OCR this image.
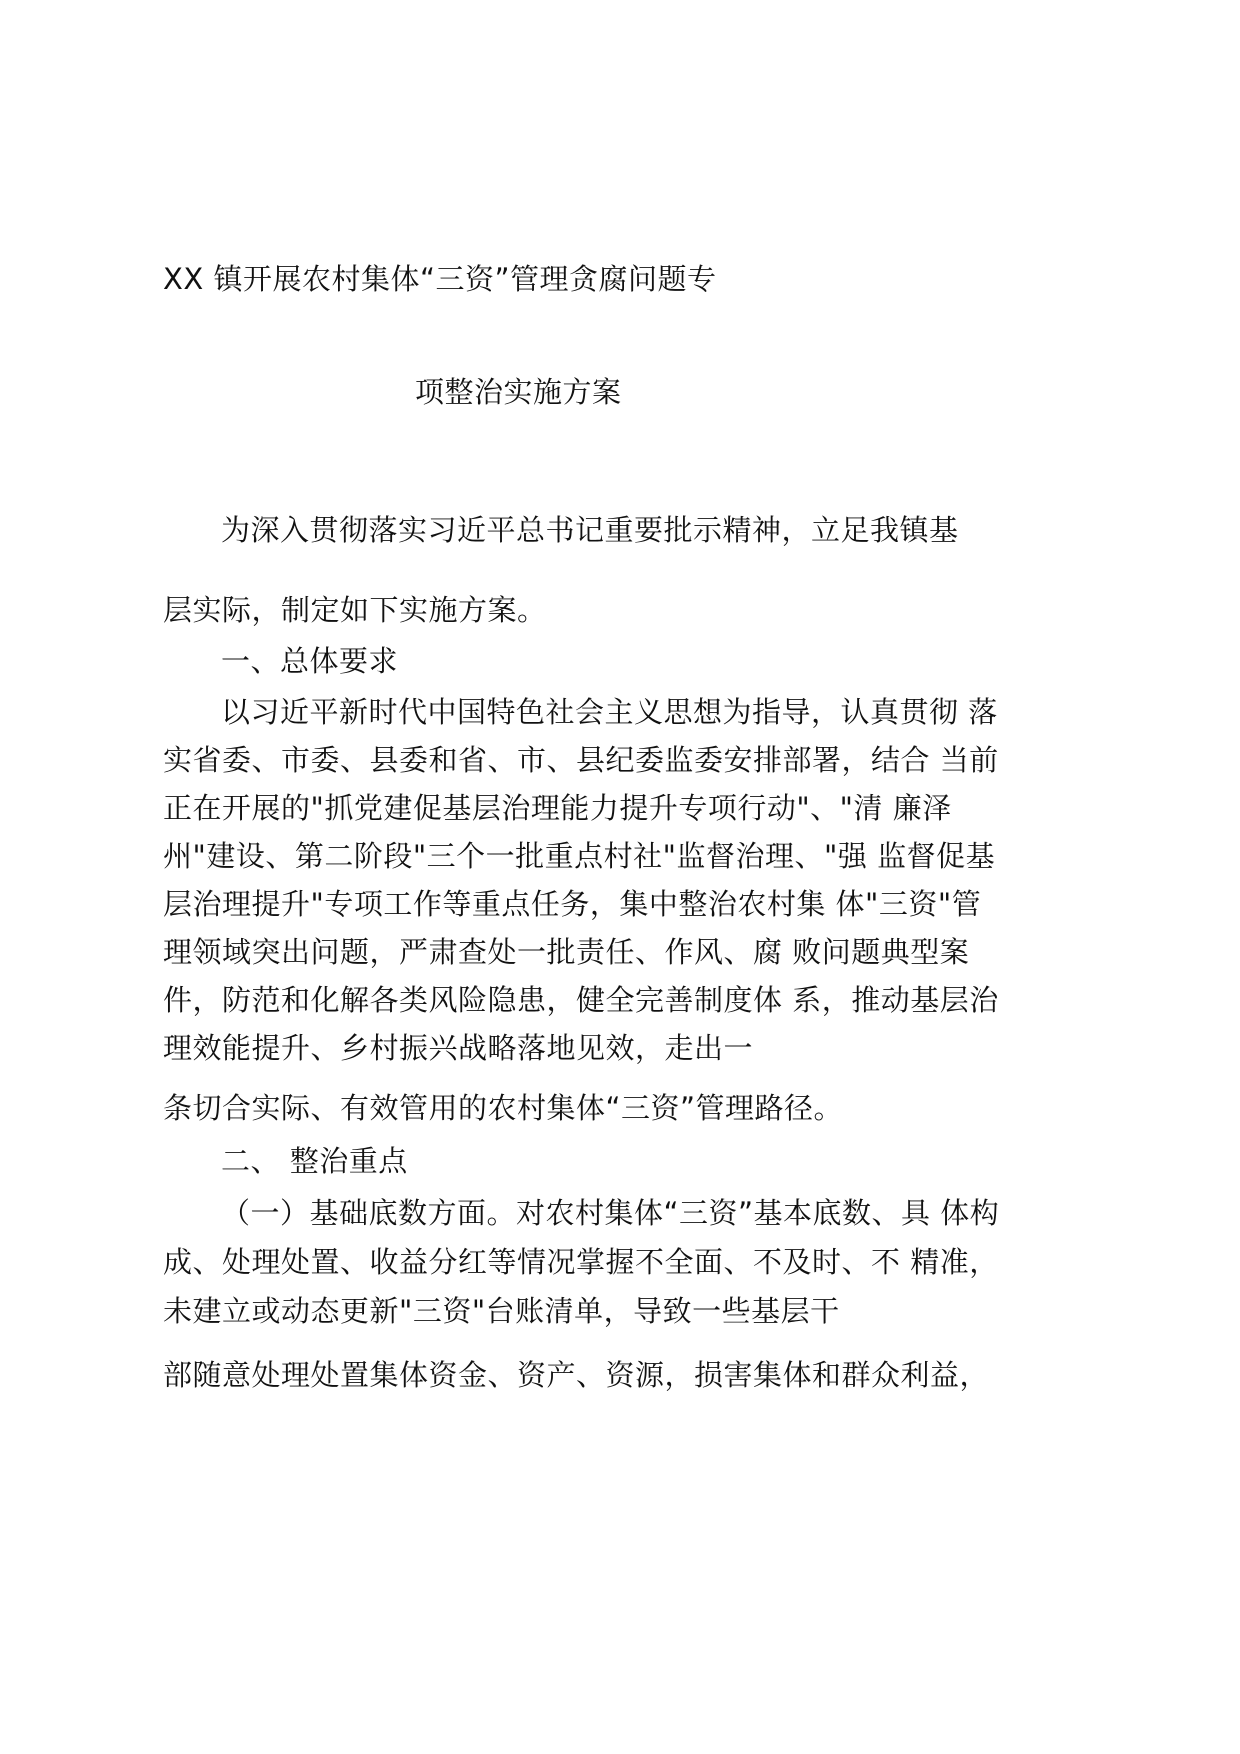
XX 镇开展农村集体“三资”管理贪腐问题专
项整治实施方案
为深入贯彻落实习近平总书记重要批示精神，立足我镇基
层实际，制定如下实施方案。
一、总体要求
以习近平新时代中国特色社会主义思想为指导，认真贯彻 落
实省委、市委、县委和省、市、县纪委监委安排部署，结合 当前
正在开展的"抓党建促基层治理能力提升专项行动"、"清 廉泽
州"建设、第二阶段"三个一批重点村社"监督治理、"强 监督促基
层治理提升"专项工作等重点任务，集中整治农村集 体"三资"管
理领域突出问题，严肃查处一批责任、作风、腐 败问题典型案
件，防范和化解各类风险隐患，健全完善制度体 系，推动基层治
理效能提升、乡村振兴战略落地见效，走出一
条切合实际、有效管用的农村集体“三资”管理路径。
二、 整治重点
（一）基础底数方面。对农村集体“三资”基本底数、具 体构
成、处理处置、收益分红等情况掌握不全面、不及时、不 精准，
未建立或动态更新"三资"台账清单，导致一些基层干
部随意处理处置集体资金、资产、资源，损害集体和群众利益，
